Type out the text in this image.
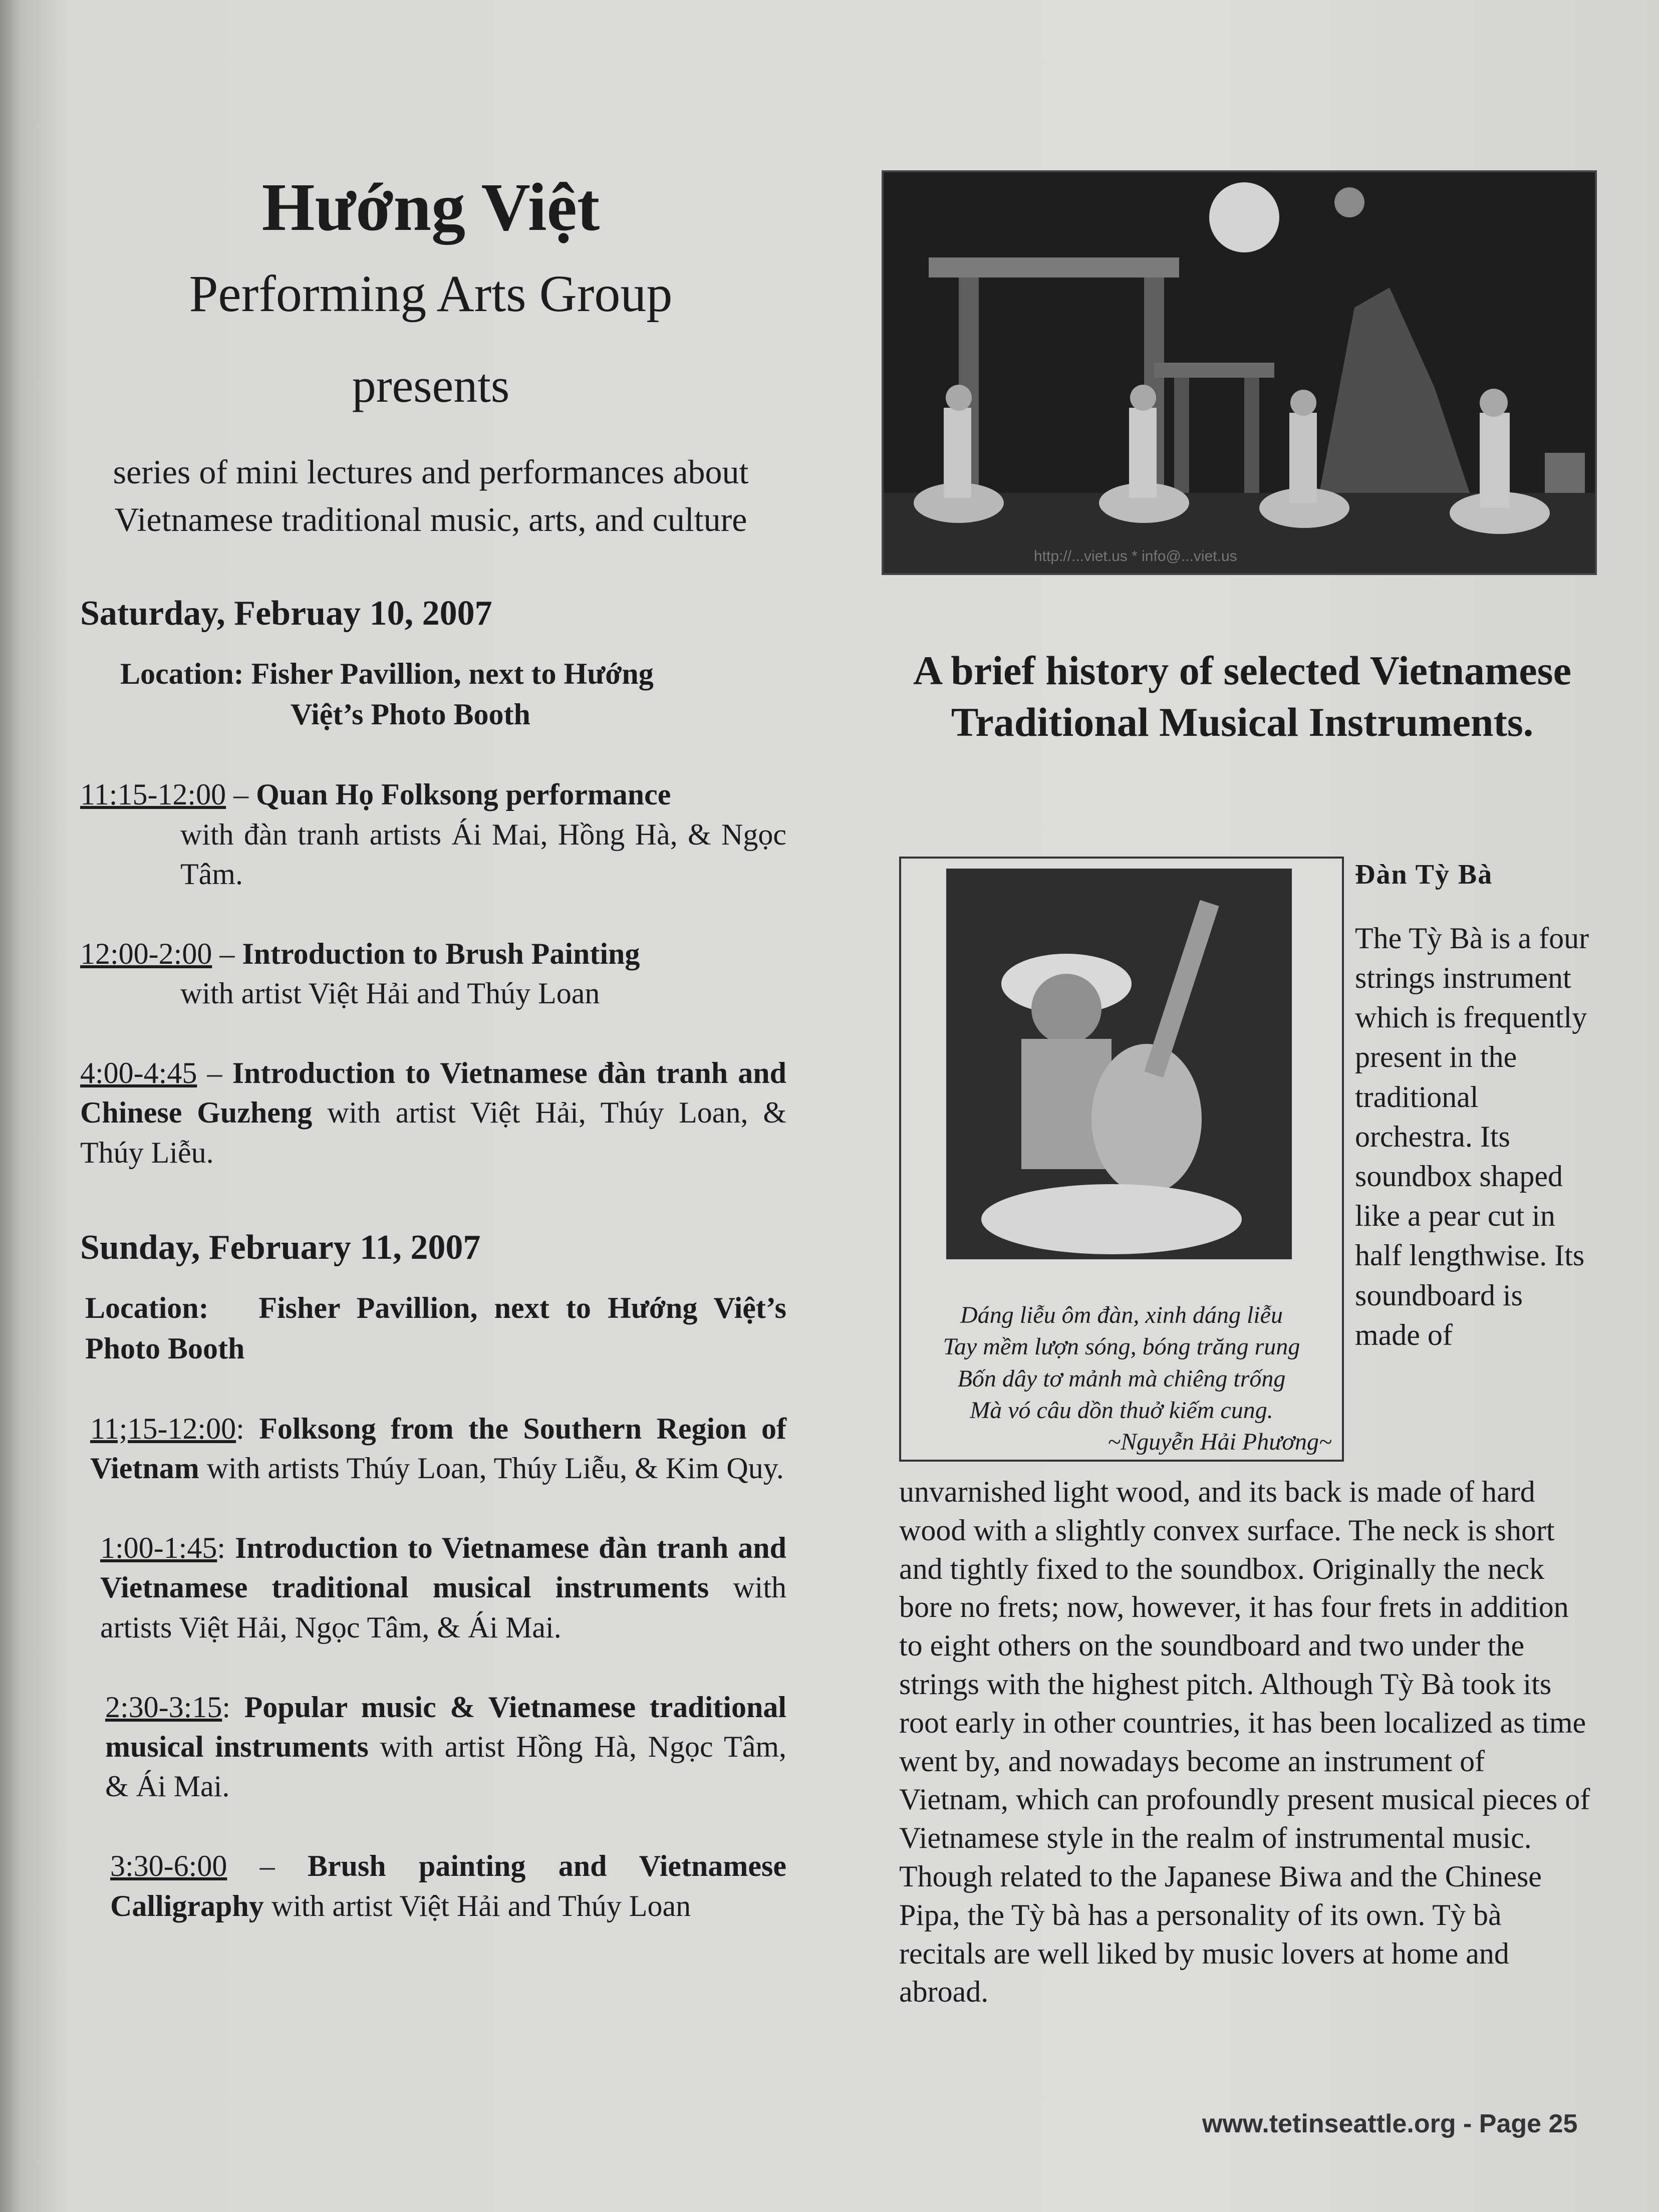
Hướng Việt
Performing Arts Group
presents
series of mini lectures and performances about Vietnamese traditional music, arts, and culture
Saturday, Februay 10, 2007
Location: Fisher Pavillion, next to Hướng
Việt’s Photo Booth
11:15-12:00 – Quan Họ Folksong performance
with đàn tranh artists Ái Mai, Hồng Hà, & Ngọc Tâm.
12:00-2:00 – Introduction to Brush Painting
with artist Việt Hải and Thúy Loan
4:00-4:45 – Introduction to Vietnamese đàn tranh and Chinese Guzheng with artist Việt Hải, Thúy Loan, & Thúy Liễu.
Sunday, February 11, 2007
Location: Fisher Pavillion, next to Hướng Việt’s Photo Booth
11;15-12:00: Folksong from the Southern Region of Vietnam with artists Thúy Loan, Thúy Liễu, & Kim Quy.
1:00-1:45: Introduction to Vietnamese đàn tranh and Vietnamese traditional musical instruments with artists Việt Hải, Ngọc Tâm, & Ái Mai.
2:30-3:15: Popular music & Vietnamese traditional musical instruments with artist Hồng Hà, Ngọc Tâm, & Ái Mai.
3:30-6:00 – Brush painting and Vietnamese Calligraphy with artist Việt Hải and Thúy Loan
http://...viet.us * info@...viet.us
A brief history of selected Vietnamese Traditional Musical Instruments.
Dáng liễu ôm đàn, xinh dáng liễu
Tay mềm lượn sóng, bóng trăng rung
Bốn dây tơ mảnh mà chiêng trống
Mà vó câu dồn thuở kiếm cung.
~Nguyễn Hải Phương~
Đàn Tỳ Bà
The Tỳ Bà is a four strings instrument which is frequently present in the traditional orchestra. Its soundbox shaped like a pear cut in half lengthwise. Its soundboard is made of
unvarnished light wood, and its back is made of hard wood with a slightly convex surface. The neck is short and tightly fixed to the soundbox. Originally the neck bore no frets; now, however, it has four frets in addition to eight others on the soundboard and two under the strings with the highest pitch. Although Tỳ Bà took its root early in other countries, it has been localized as time went by, and nowadays become an instrument of Vietnam, which can profoundly present musical pieces of Vietnamese style in the realm of instrumental music. Though related to the Japanese Biwa and the Chinese Pipa, the Tỳ bà has a personality of its own. Tỳ bà recitals are well liked by music lovers at home and abroad.
www.tetinseattle.org - Page 25
